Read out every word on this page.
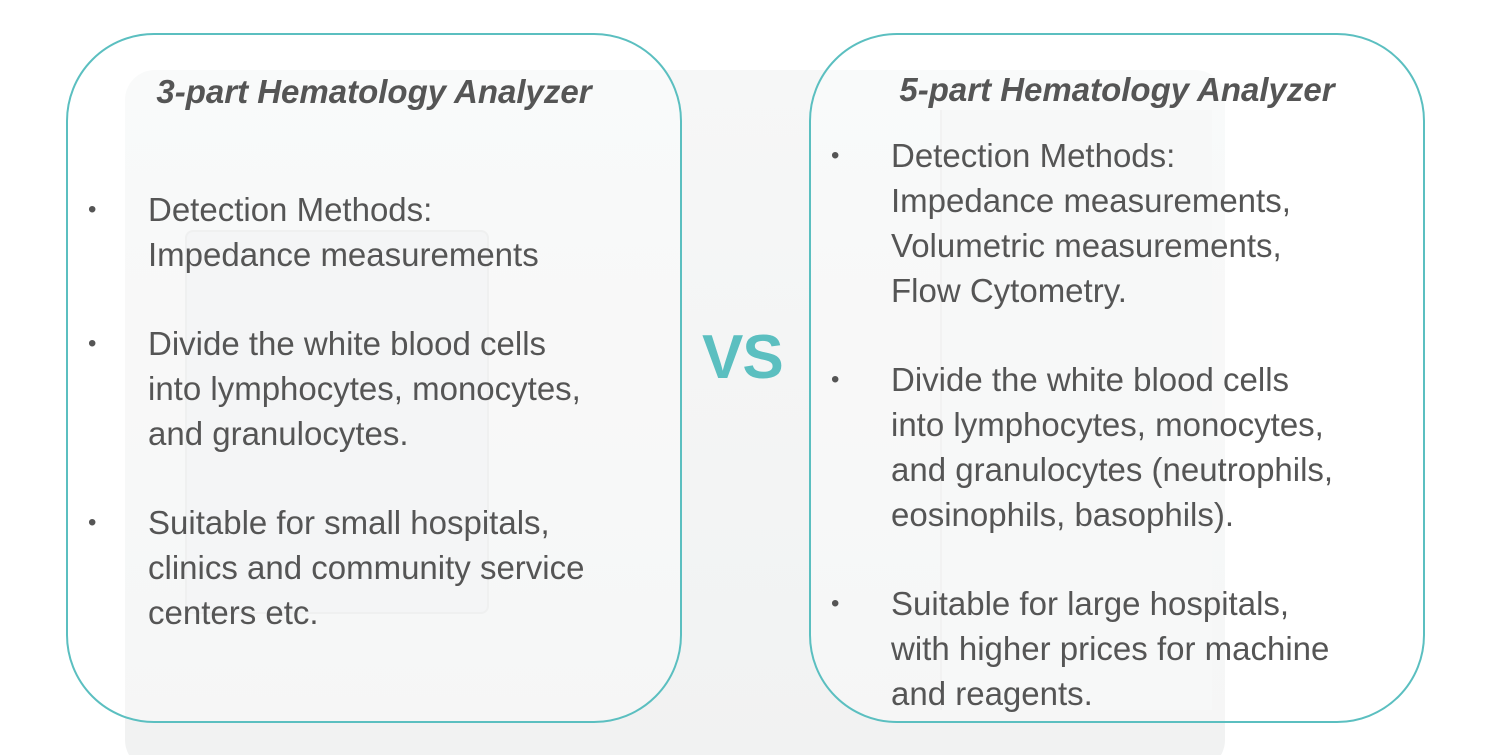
3-part Hematology Analyzer
• Detection Methods:
Impedance measurements
• Divide the white blood cells
into lymphocytes, monocytes,
and granulocytes.
• Suitable for small hospitals,
clinics and community service
centers etc.
VS
5-part Hematology Analyzer
• Detection Methods:
Impedance measurements,
Volumetric measurements,
Flow Cytometry.
• Divide the white blood cells
into lymphocytes, monocytes,
and granulocytes (neutrophils,
eosinophils, basophils).
• Suitable for large hospitals,
with higher prices for machine
and reagents.
